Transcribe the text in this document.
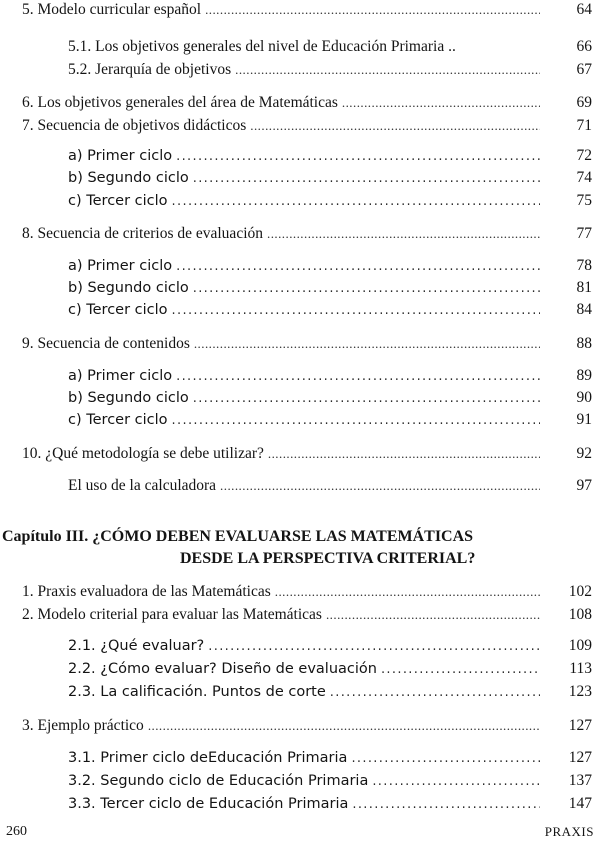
5. Modelo curricular español . . .	64
5.1. Los objetivos generales del nivel de Educación Primaria ..	66
5.2. Jerarquía de objetivos . . .	67
6. Los objetivos generales del área de Matemáticas . . .	69
7. Secuencia de objetivos didácticos . . .	71
a) Primer ciclo . . .	72
b) Segundo ciclo . . .	74
c) Tercer ciclo . . .	75
8. Secuencia de criterios de evaluación . . .	77
a) Primer ciclo . . .	78
b) Segundo ciclo . . .	81
c) Tercer ciclo . . .	84
9. Secuencia de contenidos . . .	88
a) Primer ciclo . . .	89
b) Segundo ciclo . . .	90
c) Tercer ciclo . . .	91
10. ¿Qué metodología se debe utilizar? . . .	92
El uso de la calculadora . . .	97
Capítulo III. ¿CÓMO DEBEN EVALUARSE LAS MATEMÁTICAS
DESDE LA PERSPECTIVA CRITERIAL?
1. Praxis evaluadora de las Matemáticas . . .	102
2. Modelo criterial para evaluar las Matemáticas . . .	108
2.1. ¿Qué evaluar? . . .	109
2.2. ¿Cómo evaluar? Diseño de evaluación . . .	113
2.3. La calificación. Puntos de corte . . .	123
3. Ejemplo práctico . . .	127
3.1. Primer ciclo deEducación Primaria . . .	127
3.2. Segundo ciclo de Educación Primaria . . .	137
3.3. Tercer ciclo de Educación Primaria . . .	147
260	PRAXIS
